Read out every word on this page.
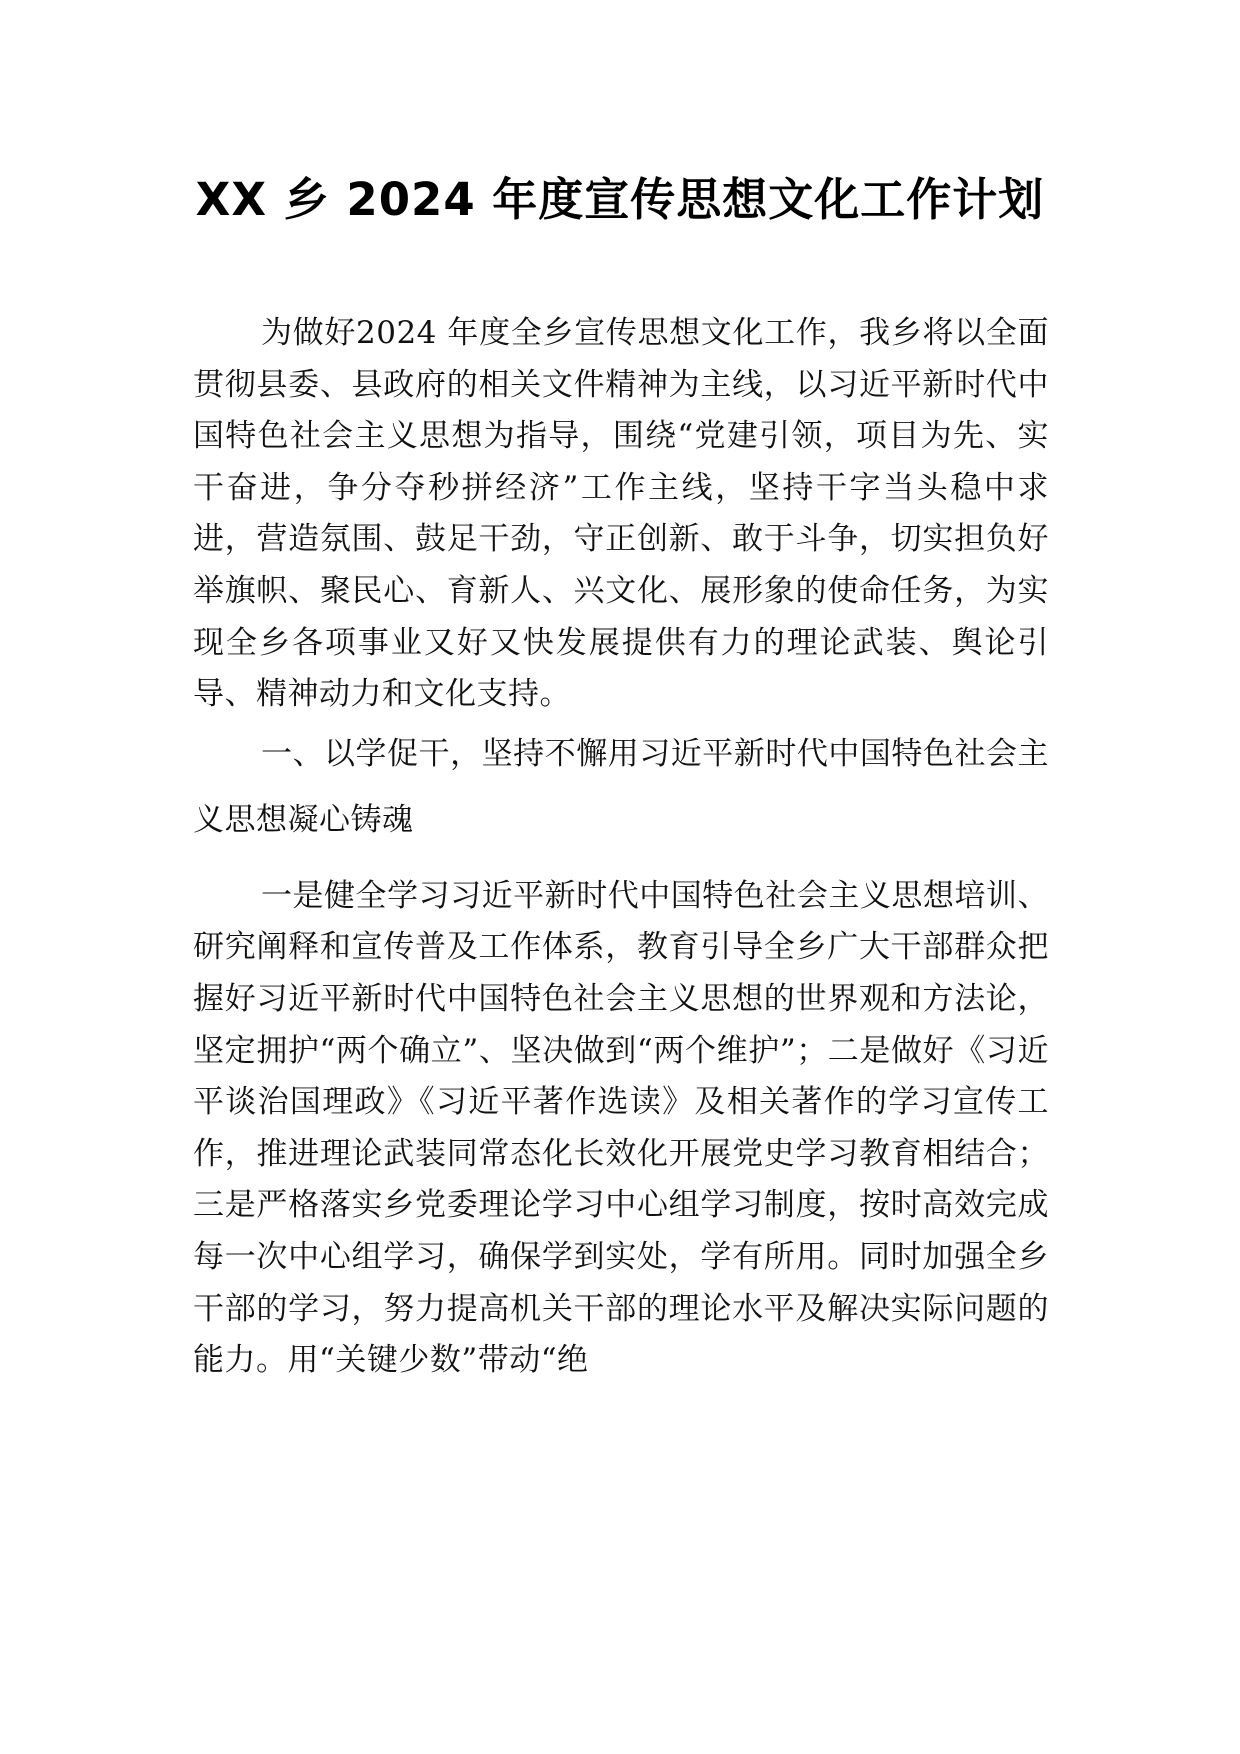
XX 乡 2024 年度宣传思想文化工作计划

为做好2024 年度全乡宣传思想文化工作，我乡将以全面贯彻县委、县政府的相关文件精神为主线，以习近平新时代中国特色社会主义思想为指导，围绕“党建引领，项目为先、实干奋进，争分夺秒拼经济”工作主线，坚持干字当头稳中求进，营造氛围、鼓足干劲，守正创新、敢于斗争，切实担负好举旗帜、聚民心、育新人、兴文化、展形象的使命任务，为实现全乡各项事业又好又快发展提供有力的理论武装、舆论引导、精神动力和文化支持。

一、以学促干，坚持不懈用习近平新时代中国特色社会主义思想凝心铸魂

一是健全学习习近平新时代中国特色社会主义思想培训、研究阐释和宣传普及工作体系，教育引导全乡广大干部群众把握好习近平新时代中国特色社会主义思想的世界观和方法论，坚定拥护“两个确立”、坚决做到“两个维护”；二是做好《习近平谈治国理政》《习近平著作选读》及相关著作的学习宣传工作，推进理论武装同常态化长效化开展党史学习教育相结合；三是严格落实乡党委理论学习中心组学习制度，按时高效完成每一次中心组学习，确保学到实处，学有所用。同时加强全乡干部的学习，努力提高机关干部的理论水平及解决实际问题的能力。用“关键少数”带动“绝
